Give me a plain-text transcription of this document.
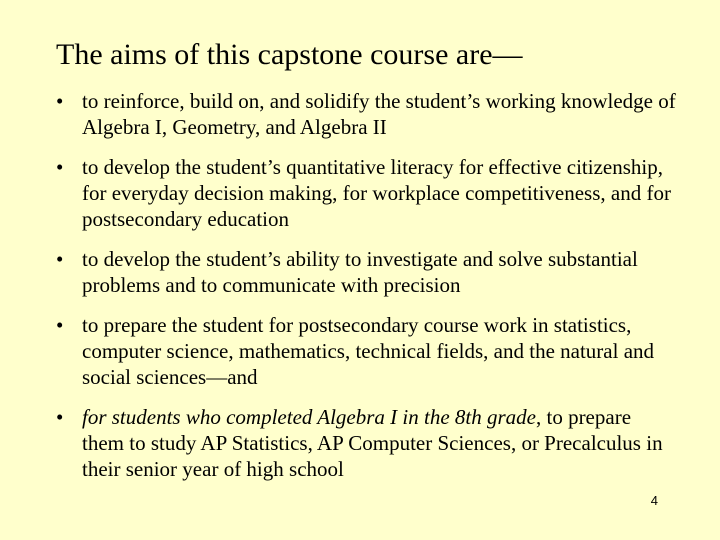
The aims of this capstone course are—
• to reinforce, build on, and solidify the student’s working knowledge of Algebra I, Geometry, and Algebra II
• to develop the student’s quantitative literacy for effective citizenship, for everyday decision making, for workplace competitiveness, and for postsecondary education
• to develop the student’s ability to investigate and solve substantial problems and to communicate with precision
• to prepare the student for postsecondary course work in statistics, computer science, mathematics, technical fields, and the natural and social sciences—and
• for students who completed Algebra I in the 8th grade, to prepare them to study AP Statistics, AP Computer Sciences, or Precalculus in their senior year of high school
4
